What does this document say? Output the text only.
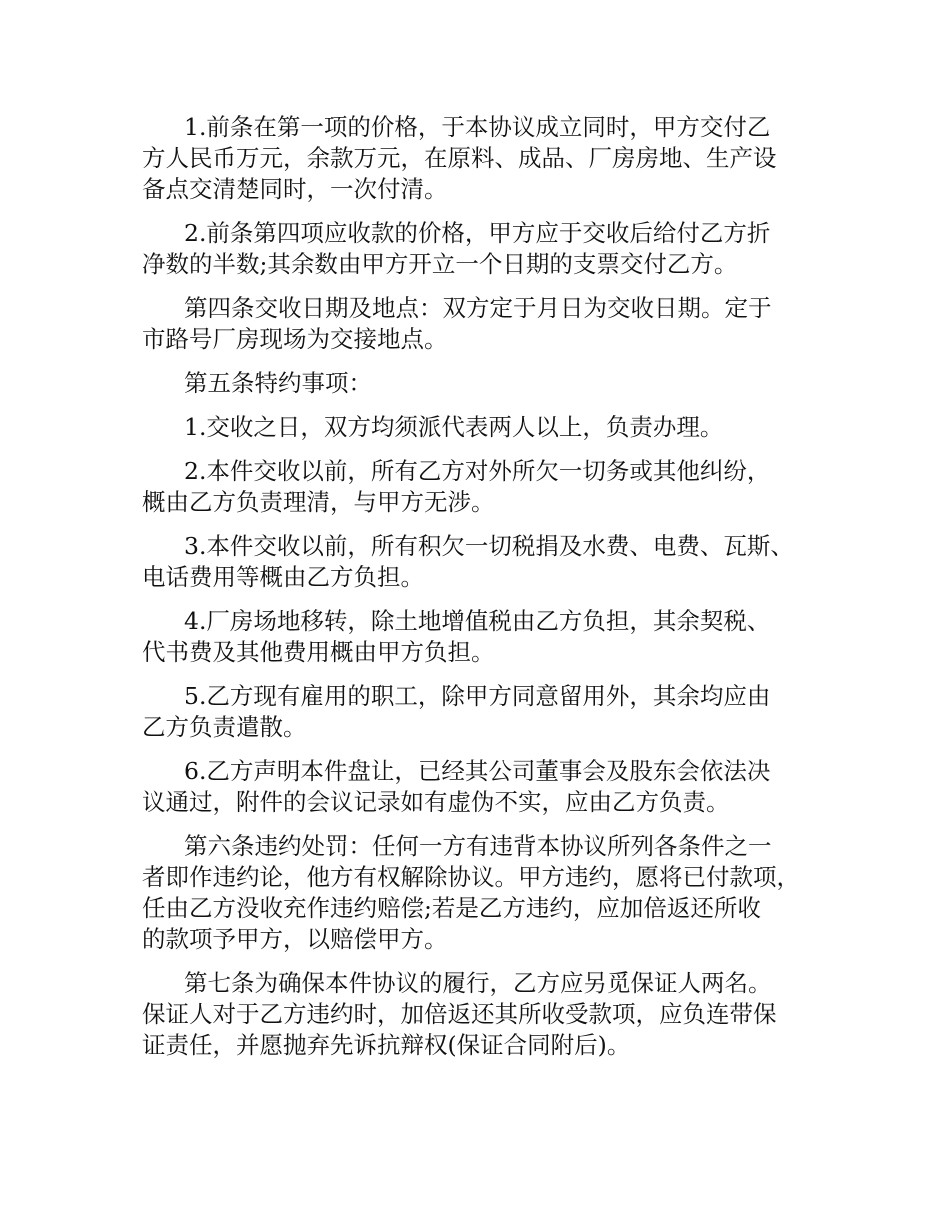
1.前条在第一项的价格，于本协议成立同时，甲方交付乙
方人民币万元，余款万元，在原料、成品、厂房房地、生产设
备点交清楚同时，一次付清。

2.前条第四项应收款的价格，甲方应于交收后给付乙方折
净数的半数;其余数由甲方开立一个日期的支票交付乙方。

第四条交收日期及地点：双方定于月日为交收日期。定于
市路号厂房现场为交接地点。

第五条特约事项：

1.交收之日，双方均须派代表两人以上，负责办理。

2.本件交收以前，所有乙方对外所欠一切务或其他纠纷，
概由乙方负责理清，与甲方无涉。

3.本件交收以前，所有积欠一切税捐及水费、电费、瓦斯、
电话费用等概由乙方负担。

4.厂房场地移转，除土地增值税由乙方负担，其余契税、
代书费及其他费用概由甲方负担。

5.乙方现有雇用的职工，除甲方同意留用外，其余均应由
乙方负责遣散。

6.乙方声明本件盘让，已经其公司董事会及股东会依法决
议通过，附件的会议记录如有虚伪不实，应由乙方负责。

第六条违约处罚：任何一方有违背本协议所列各条件之一
者即作违约论，他方有权解除协议。甲方违约，愿将已付款项，
任由乙方没收充作违约赔偿;若是乙方违约，应加倍返还所收
的款项予甲方，以赔偿甲方。

第七条为确保本件协议的履行，乙方应另觅保证人两名。
保证人对于乙方违约时，加倍返还其所收受款项，应负连带保
证责任，并愿抛弃先诉抗辩权(保证合同附后)。
